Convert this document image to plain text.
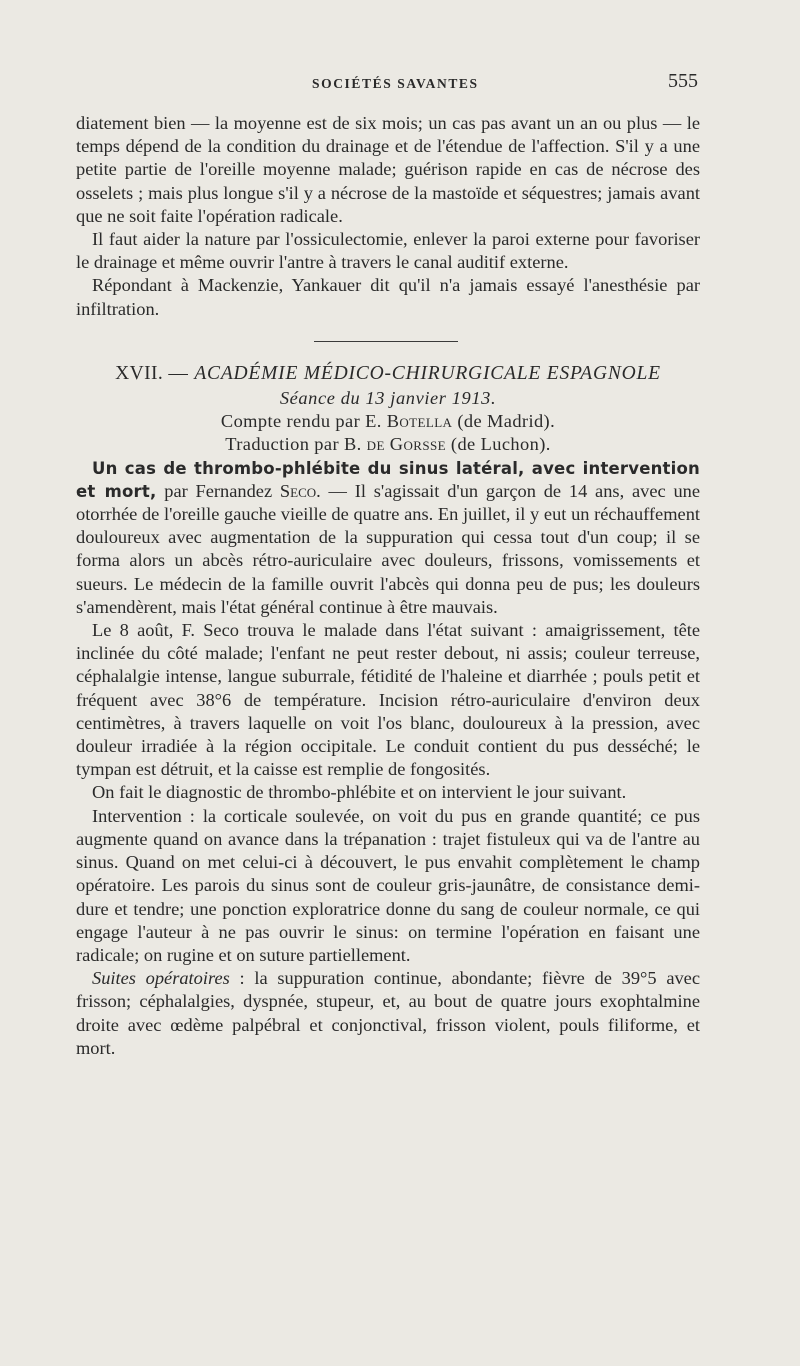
SOCIÉTÉS SAVANTES	555

diatement bien — la moyenne est de six mois; un cas pas avant un an ou plus — le temps dépend de la condition du drainage et de l'étendue de l'affection. S'il y a une petite partie de l'oreille moyenne malade; guérison rapide en cas de nécrose des osselets ; mais plus longue s'il y a nécrose de la mastoïde et séquestres; jamais avant que ne soit faite l'opération radicale.

Il faut aider la nature par l'ossiculectomie, enlever la paroi externe pour favoriser le drainage et même ouvrir l'antre à travers le canal auditif externe.

Répondant à Mackenzie, Yankauer dit qu'il n'a jamais essayé l'anesthésie par infiltration.

XVII. — ACADÉMIE MÉDICO-CHIRURGICALE ESPAGNOLE
Séance du 13 janvier 1913.
Compte rendu par E. Botella (de Madrid).
Traduction par B. de Gorsse (de Luchon).

Un cas de thrombo-phlébite du sinus latéral, avec intervention et mort, par Fernandez Seco. — Il s'agissait d'un garçon de 14 ans, avec une otorrhée de l'oreille gauche vieille de quatre ans. En juillet, il y eut un réchauffement douloureux avec augmentation de la suppuration qui cessa tout d'un coup; il se forma alors un abcès rétro-auriculaire avec douleurs, frissons, vomissements et sueurs. Le médecin de la famille ouvrit l'abcès qui donna peu de pus; les douleurs s'amendèrent, mais l'état général continue à être mauvais.

Le 8 août, F. Seco trouva le malade dans l'état suivant : amaigrissement, tête inclinée du côté malade; l'enfant ne peut rester debout, ni assis; couleur terreuse, céphalalgie intense, langue suburrale, fétidité de l'haleine et diarrhée ; pouls petit et fréquent avec 38°6 de température. Incision rétro-auriculaire d'environ deux centimètres, à travers laquelle on voit l'os blanc, douloureux à la pression, avec douleur irradiée à la région occipitale. Le conduit contient du pus desséché; le tympan est détruit, et la caisse est remplie de fongosités.

On fait le diagnostic de thrombo-phlébite et on intervient le jour suivant.

Intervention : la corticale soulevée, on voit du pus en grande quantité; ce pus augmente quand on avance dans la trépanation : trajet fistuleux qui va de l'antre au sinus. Quand on met celui-ci à découvert, le pus envahit complètement le champ opératoire. Les parois du sinus sont de couleur gris-jaunâtre, de consistance demi-dure et tendre; une ponction exploratrice donne du sang de couleur normale, ce qui engage l'auteur à ne pas ouvrir le sinus: on termine l'opération en faisant une radicale; on rugine et on suture partiellement.

Suites opératoires : la suppuration continue, abondante; fièvre de 39°5 avec frisson; céphalalgies, dyspnée, stupeur, et, au bout de quatre jours exophtalmine droite avec œdème palpébral et conjonctival, frisson violent, pouls filiforme, et mort.
